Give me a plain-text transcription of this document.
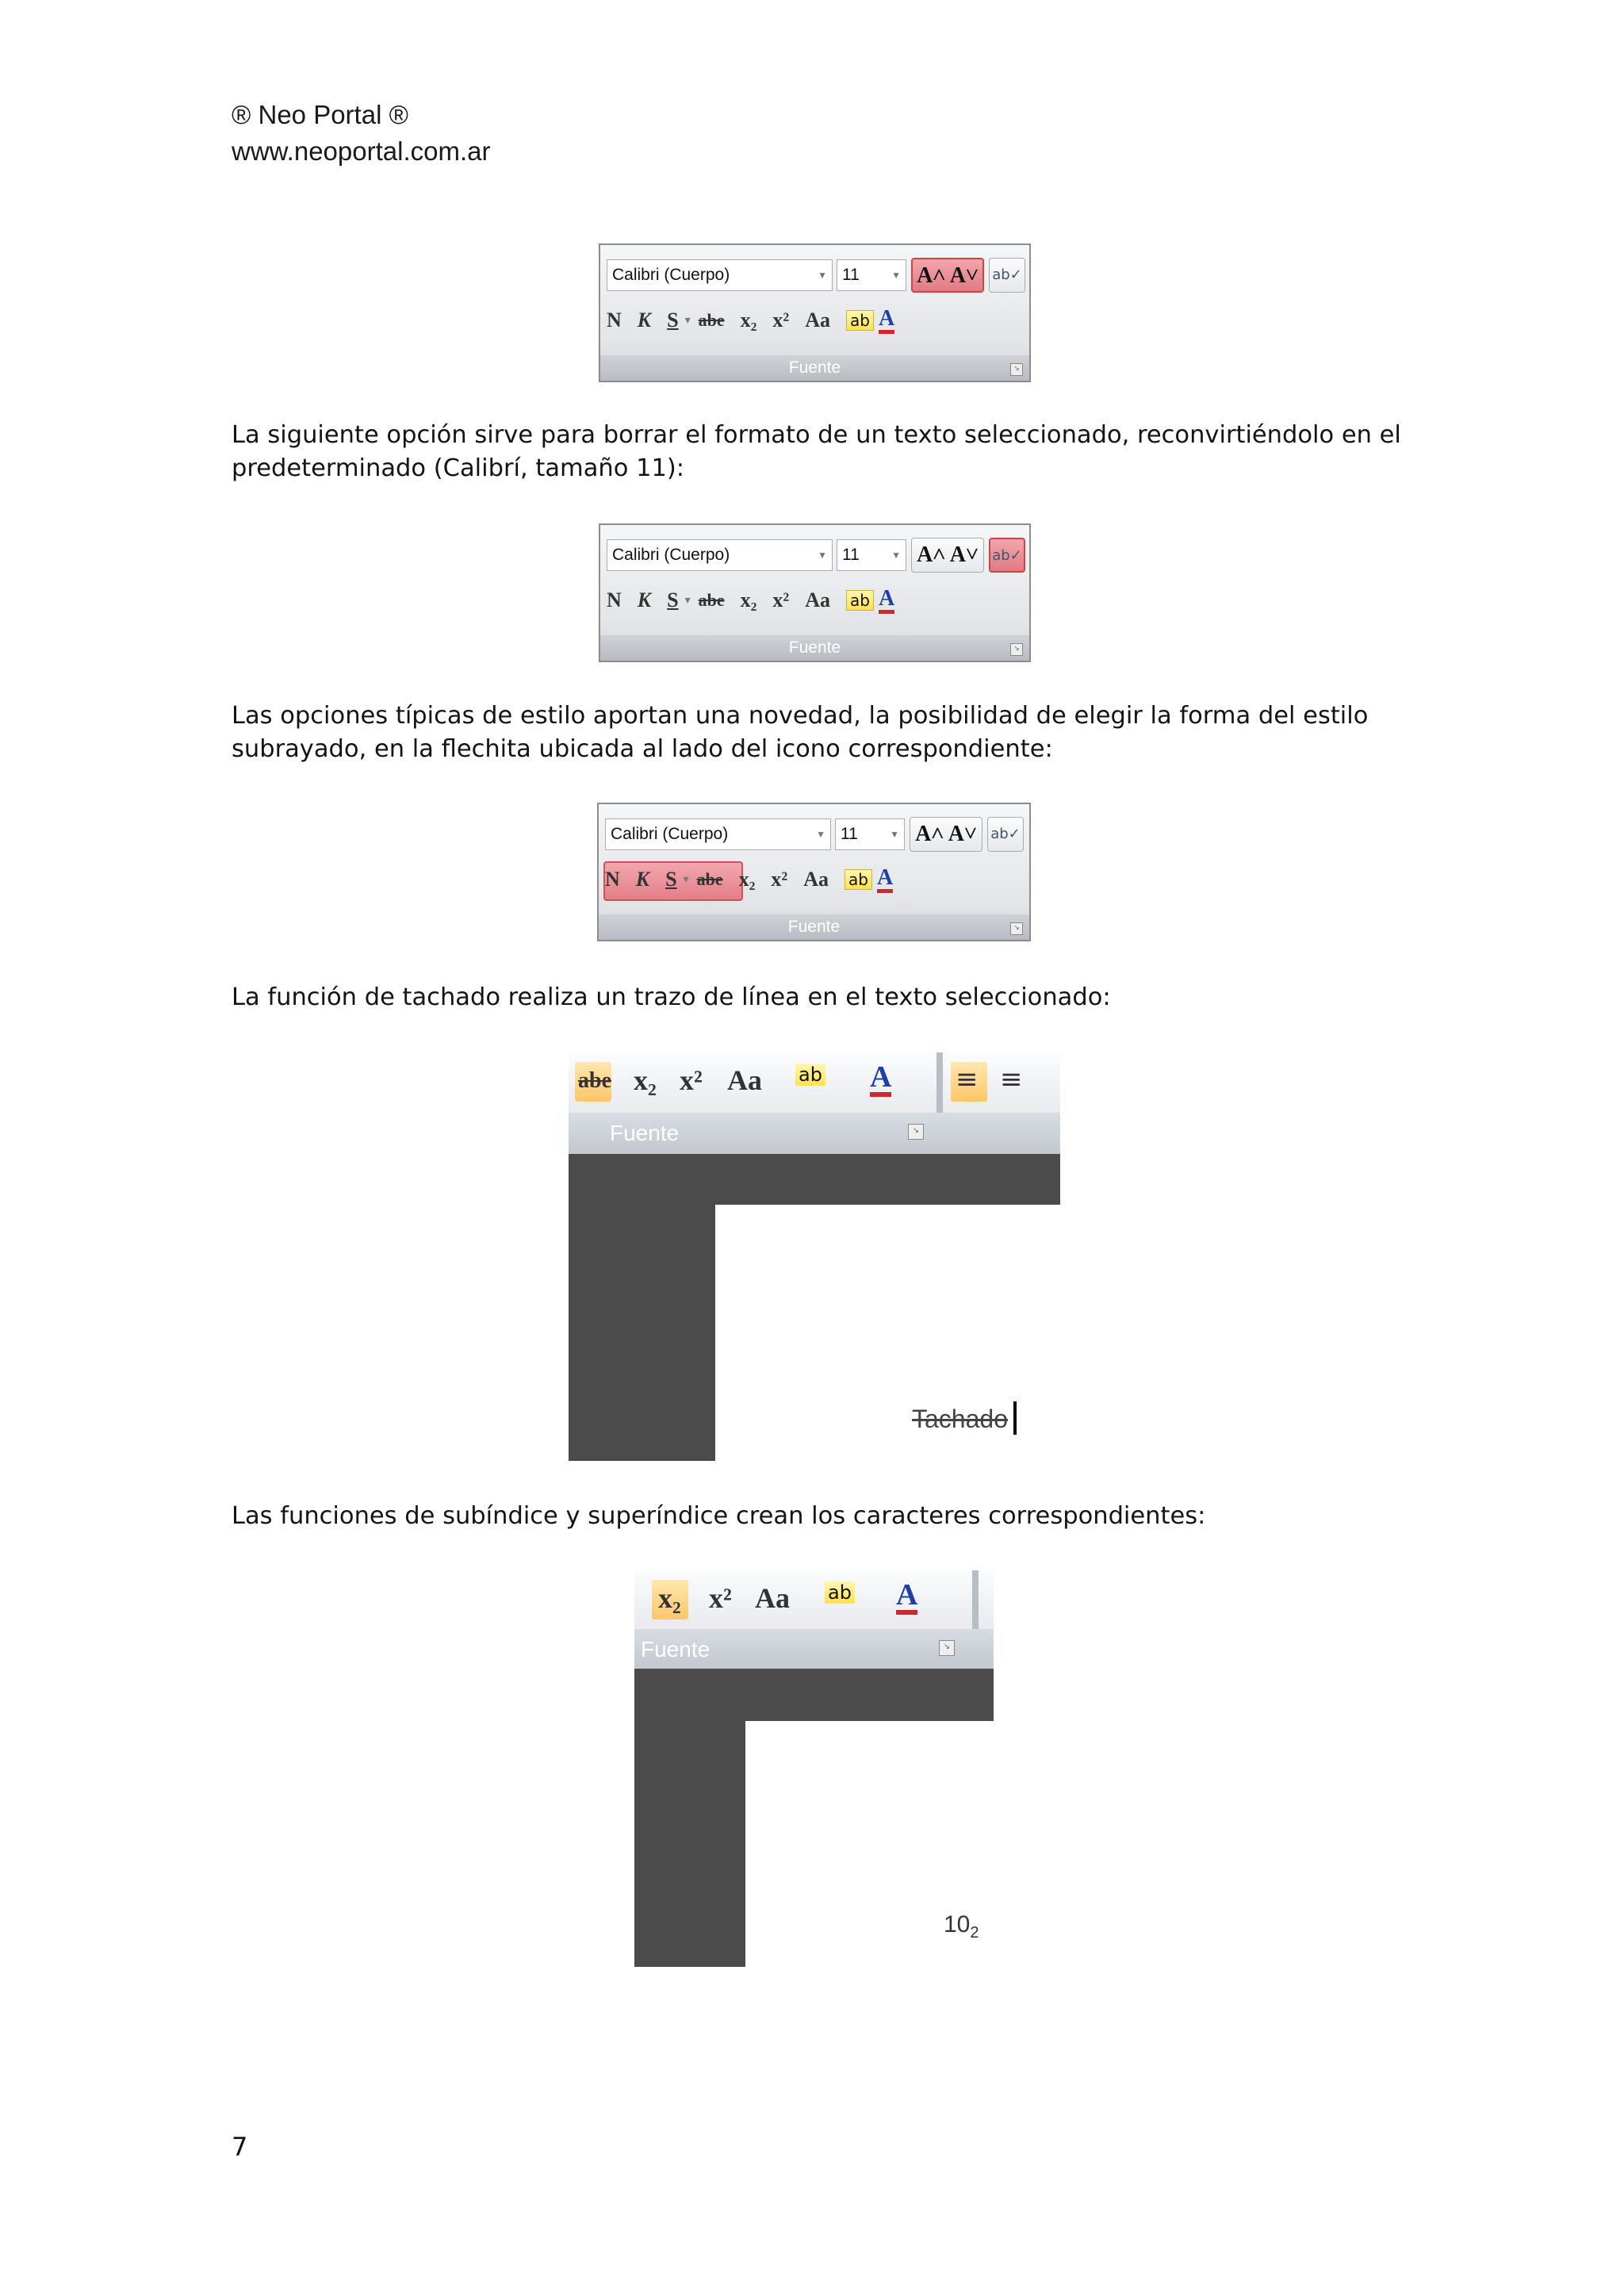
® Neo Portal ®
www.neoportal.com.ar
Calibri (Cuerpo)	▼ 11	▼ A˄ A˅ ab✓
N K S ▾ abe x₂ x² Aa ab A
Fuente	↘
La siguiente opción sirve para borrar el formato de un texto seleccionado, reconvirtiéndolo en el predeterminado (Calibrí, tamaño 11):
Calibri (Cuerpo)	▼ 11	▼ A˄ A˅ ab✓
N K S ▾ abe x₂ x² Aa ab A
Fuente	↘
Las opciones típicas de estilo aportan una novedad, la posibilidad de elegir la forma del estilo subrayado, en la flechita ubicada al lado del icono correspondiente:
Calibri (Cuerpo)	▼ 11	▼ A˄ A˅ ab✓
N K S ▾ abe x₂ x² Aa ab A
Fuente	↘
La función de tachado realiza un trazo de línea en el texto seleccionado:
abe x₂ x² Aa ab A ≡ ≡
Fuente	↘
Tachado
Las funciones de subíndice y superíndice crean los caracteres correspondientes:
x₂ x² Aa ab A
Fuente	↘
$10_2$
7
